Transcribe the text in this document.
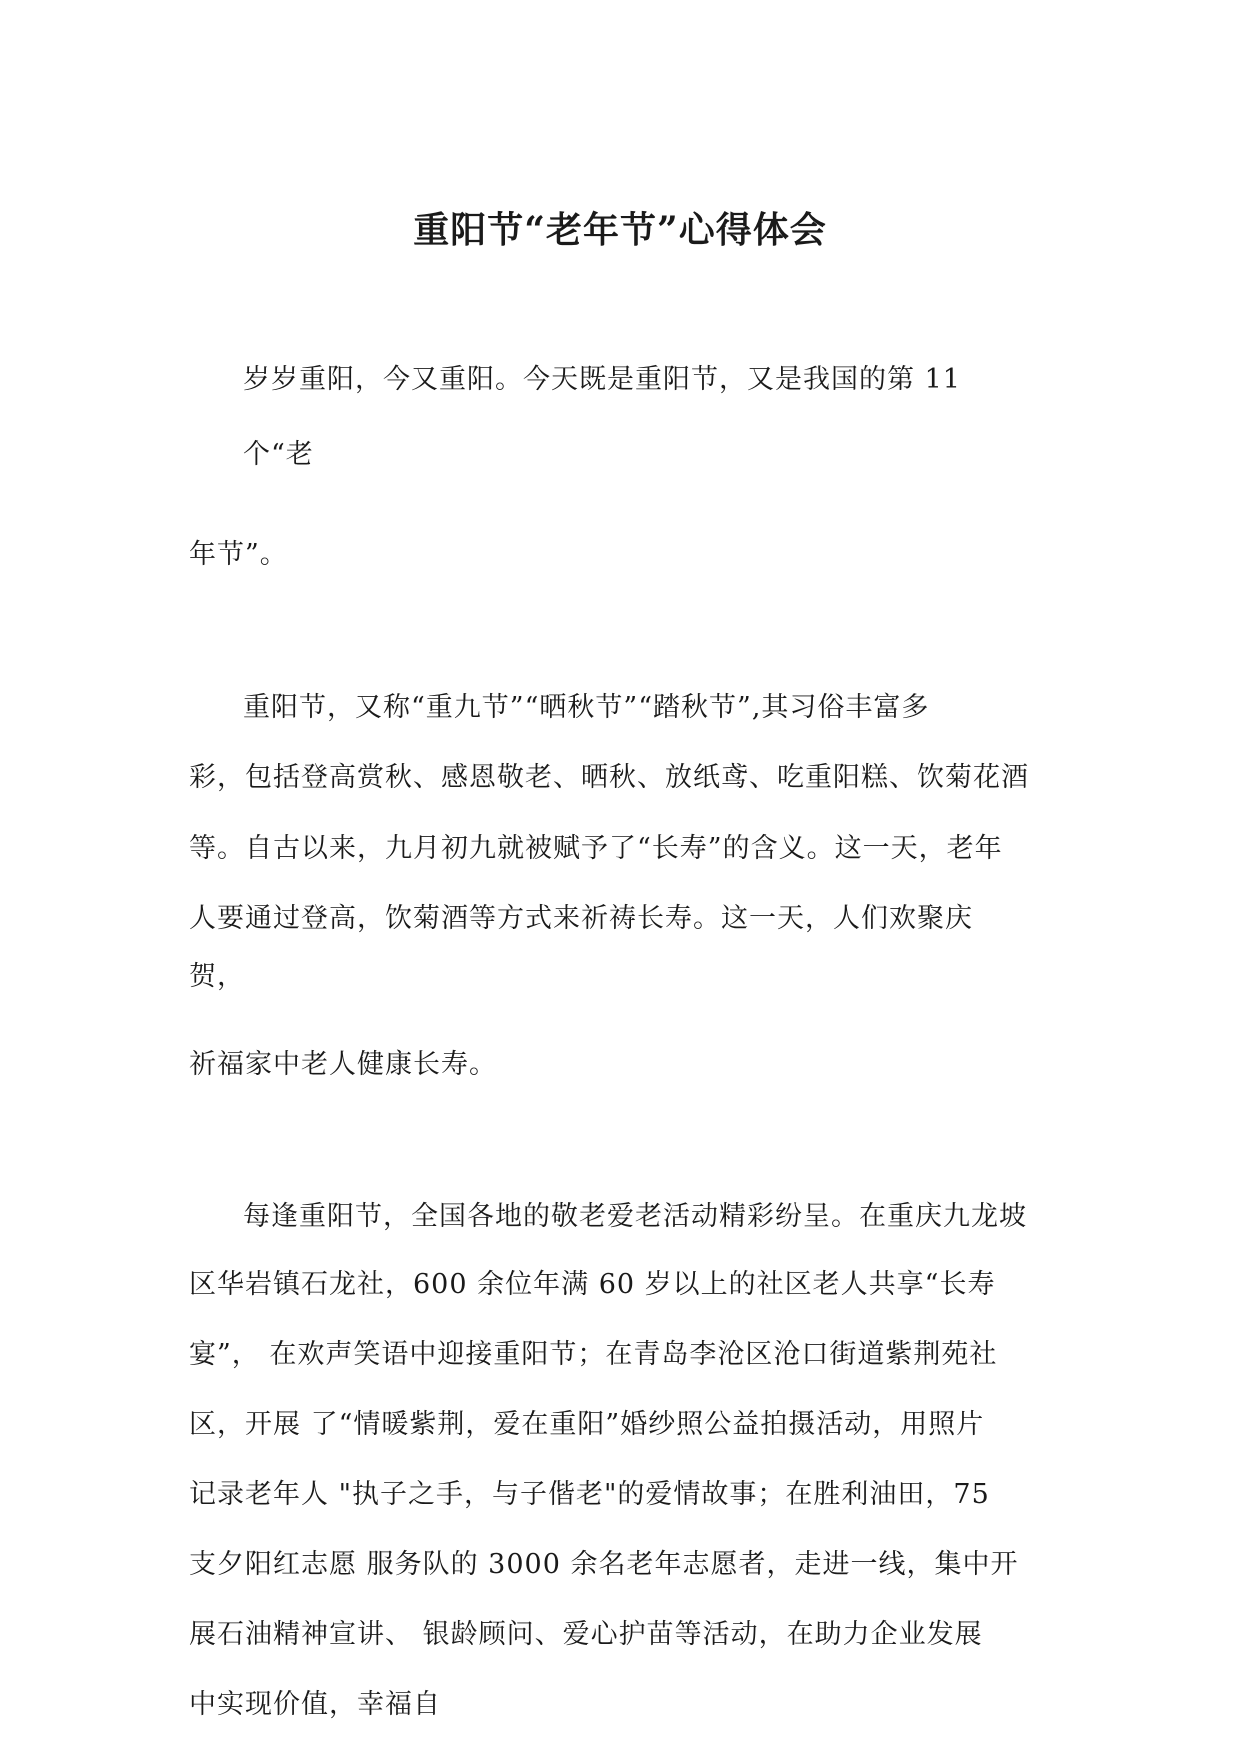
重阳节“老年节”心得体会

岁岁重阳，今又重阳。今天既是重阳节，又是我国的第 11

个“老

年节”。

重阳节，又称“重九节”“晒秋节”“踏秋节”,其习俗丰富多

彩，包括登高赏秋、感恩敬老、晒秋、放纸鸢、吃重阳糕、饮菊花酒

等。自古以来，九月初九就被赋予了“长寿”的含义。这一天，老年

人要通过登高，饮菊酒等方式来祈祷长寿。这一天，人们欢聚庆

贺，

祈福家中老人健康长寿。

每逢重阳节，全国各地的敬老爱老活动精彩纷呈。在重庆九龙坡

区华岩镇石龙社，600 余位年满 60 岁以上的社区老人共享“长寿

宴”， 在欢声笑语中迎接重阳节；在青岛李沧区沧口街道紫荆苑社

区，开展 了“情暖紫荆，爱在重阳”婚纱照公益拍摄活动，用照片

记录老年人 "执子之手，与子偕老"的爱情故事；在胜利油田，75

支夕阳红志愿 服务队的 3000 余名老年志愿者，走进一线，集中开

展石油精神宣讲、 银龄顾问、爱心护苗等活动，在助力企业发展

中实现价值，幸福自
